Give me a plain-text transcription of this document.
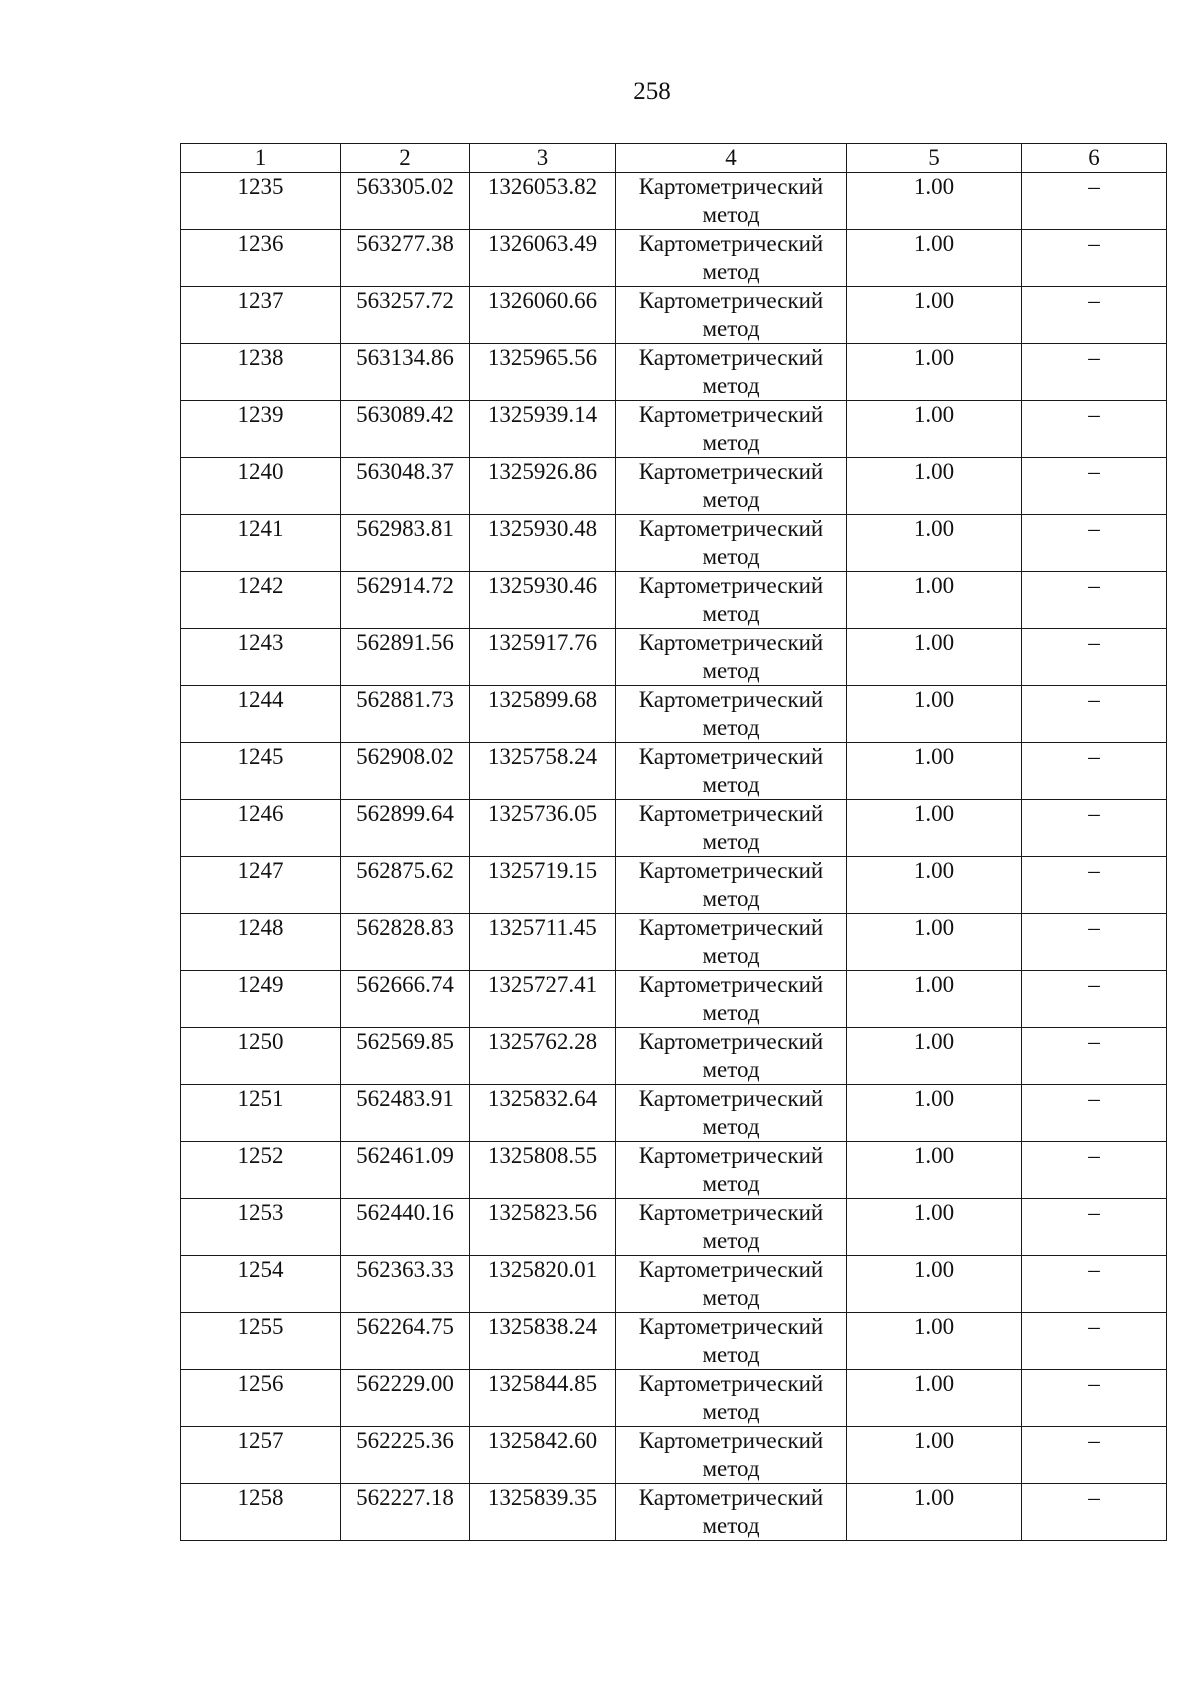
258
1	2	3	4	5	6
1235	563305.02	1326053.82	Картометрический метод	1.00	–
1236	563277.38	1326063.49	Картометрический метод	1.00	–
1237	563257.72	1326060.66	Картометрический метод	1.00	–
1238	563134.86	1325965.56	Картометрический метод	1.00	–
1239	563089.42	1325939.14	Картометрический метод	1.00	–
1240	563048.37	1325926.86	Картометрический метод	1.00	–
1241	562983.81	1325930.48	Картометрический метод	1.00	–
1242	562914.72	1325930.46	Картометрический метод	1.00	–
1243	562891.56	1325917.76	Картометрический метод	1.00	–
1244	562881.73	1325899.68	Картометрический метод	1.00	–
1245	562908.02	1325758.24	Картометрический метод	1.00	–
1246	562899.64	1325736.05	Картометрический метод	1.00	–
1247	562875.62	1325719.15	Картометрический метод	1.00	–
1248	562828.83	1325711.45	Картометрический метод	1.00	–
1249	562666.74	1325727.41	Картометрический метод	1.00	–
1250	562569.85	1325762.28	Картометрический метод	1.00	–
1251	562483.91	1325832.64	Картометрический метод	1.00	–
1252	562461.09	1325808.55	Картометрический метод	1.00	–
1253	562440.16	1325823.56	Картометрический метод	1.00	–
1254	562363.33	1325820.01	Картометрический метод	1.00	–
1255	562264.75	1325838.24	Картометрический метод	1.00	–
1256	562229.00	1325844.85	Картометрический метод	1.00	–
1257	562225.36	1325842.60	Картометрический метод	1.00	–
1258	562227.18	1325839.35	Картометрический метод	1.00	–
